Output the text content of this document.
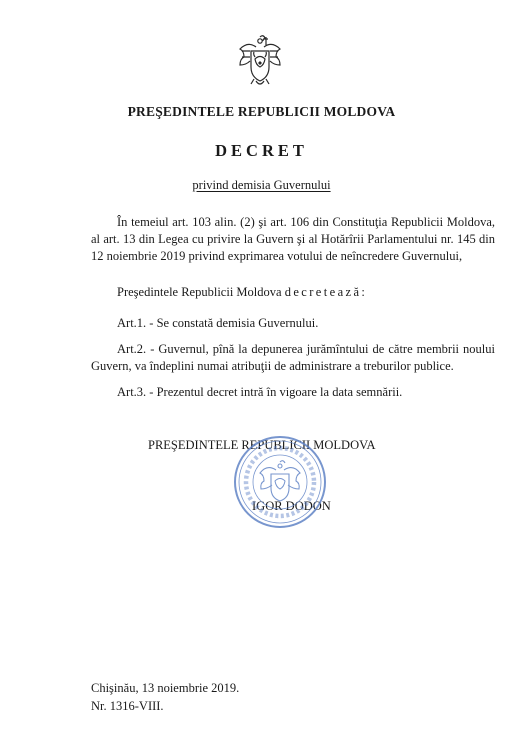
PREŞEDINTELE REPUBLICII MOLDOVA
DECRET
privind demisia Guvernului
În temeiul art. 103 alin. (2) şi art. 106 din Constituţia Republicii Moldova, al art. 13 din Legea cu privire la Guvern şi al Hotărîrii Parlamentului nr. 145 din 12 noiembrie 2019 privind exprimarea votului de neîncredere Guvernului,
Preşedintele Republicii Moldova decretează:
Art.1. - Se constată demisia Guvernului.
Art.2. - Guvernul, pînă la depunerea jurămîntului de către membrii noului Guvern, va îndeplini numai atribuţii de administrare a treburilor publice.
Art.3. - Prezentul decret intră în vigoare la data semnării.
PREŞEDINTELE REPUBLICII MOLDOVA
IGOR DODON
Chişinău, 13 noiembrie 2019.
Nr. 1316-VIII.
